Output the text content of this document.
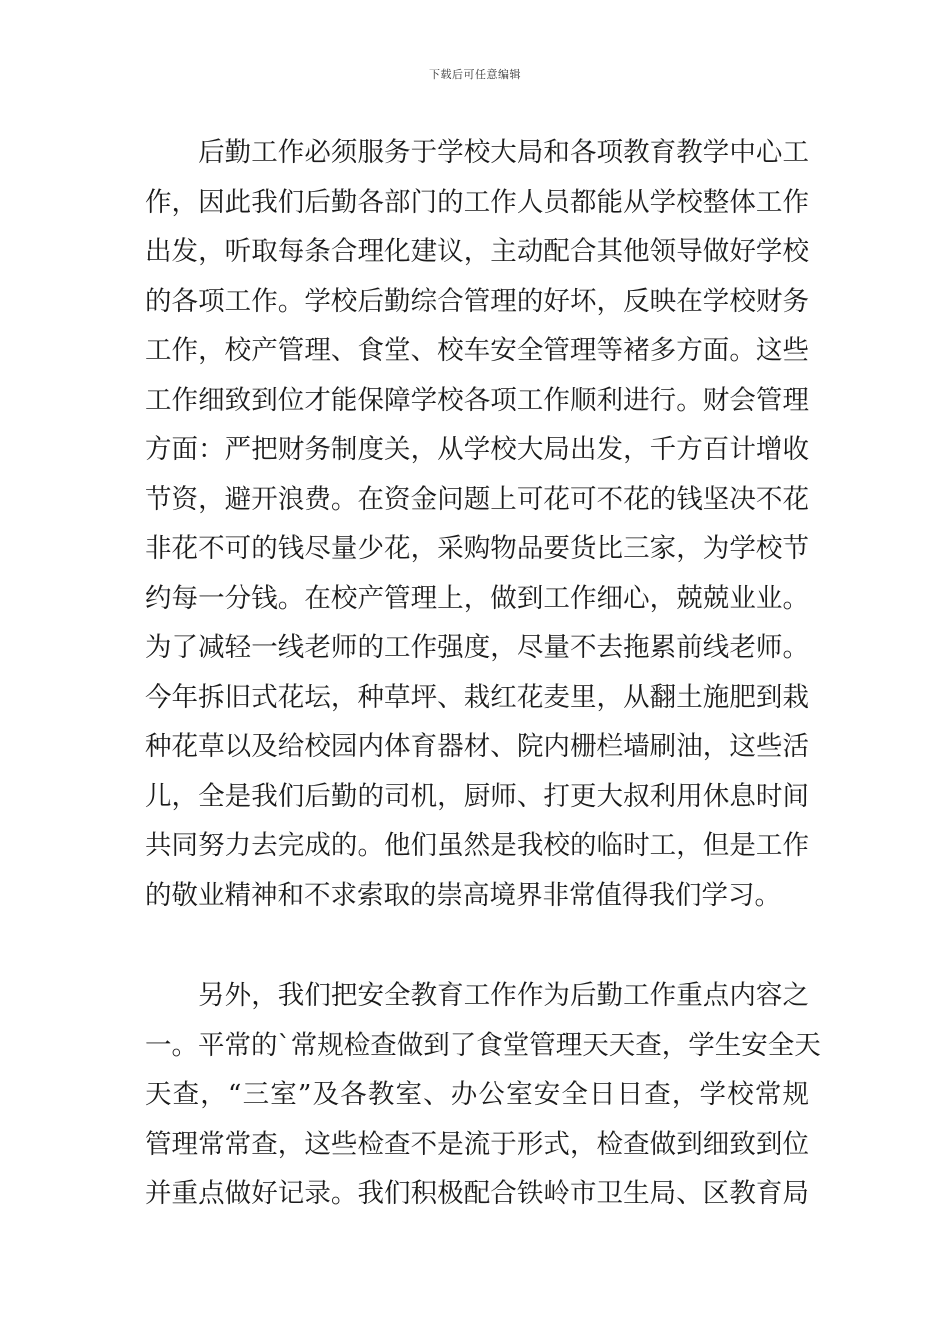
下载后可任意编辑
　　后勤工作必须服务于学校大局和各项教育教学中心工
作，因此我们后勤各部门的工作人员都能从学校整体工作
出发，听取每条合理化建议，主动配合其他领导做好学校
的各项工作。学校后勤综合管理的好坏，反映在学校财务
工作，校产管理、食堂、校车安全管理等褚多方面。这些
工作细致到位才能保障学校各项工作顺利进行。财会管理
方面：严把财务制度关，从学校大局出发，千方百计增收
节资，避开浪费。在资金问题上可花可不花的钱坚决不花
非花不可的钱尽量少花，采购物品要货比三家，为学校节
约每一分钱。在校产管理上，做到工作细心，兢兢业业。
为了减轻一线老师的工作强度，尽量不去拖累前线老师。
今年拆旧式花坛，种草坪、栽红花麦里，从翻土施肥到栽
种花草以及给校园内体育器材、院内栅栏墙刷油，这些活
儿，全是我们后勤的司机，厨师、打更大叔利用休息时间
共同努力去完成的。他们虽然是我校的临时工，但是工作
的敬业精神和不求索取的崇高境界非常值得我们学习。
　　另外，我们把安全教育工作作为后勤工作重点内容之
一。平常的`常规检查做到了食堂管理天天查，学生安全天
天查，“三室”及各教室、办公室安全日日查，学校常规
管理常常查，这些检查不是流于形式，检查做到细致到位
并重点做好记录。我们积极配合铁岭市卫生局、区教育局
